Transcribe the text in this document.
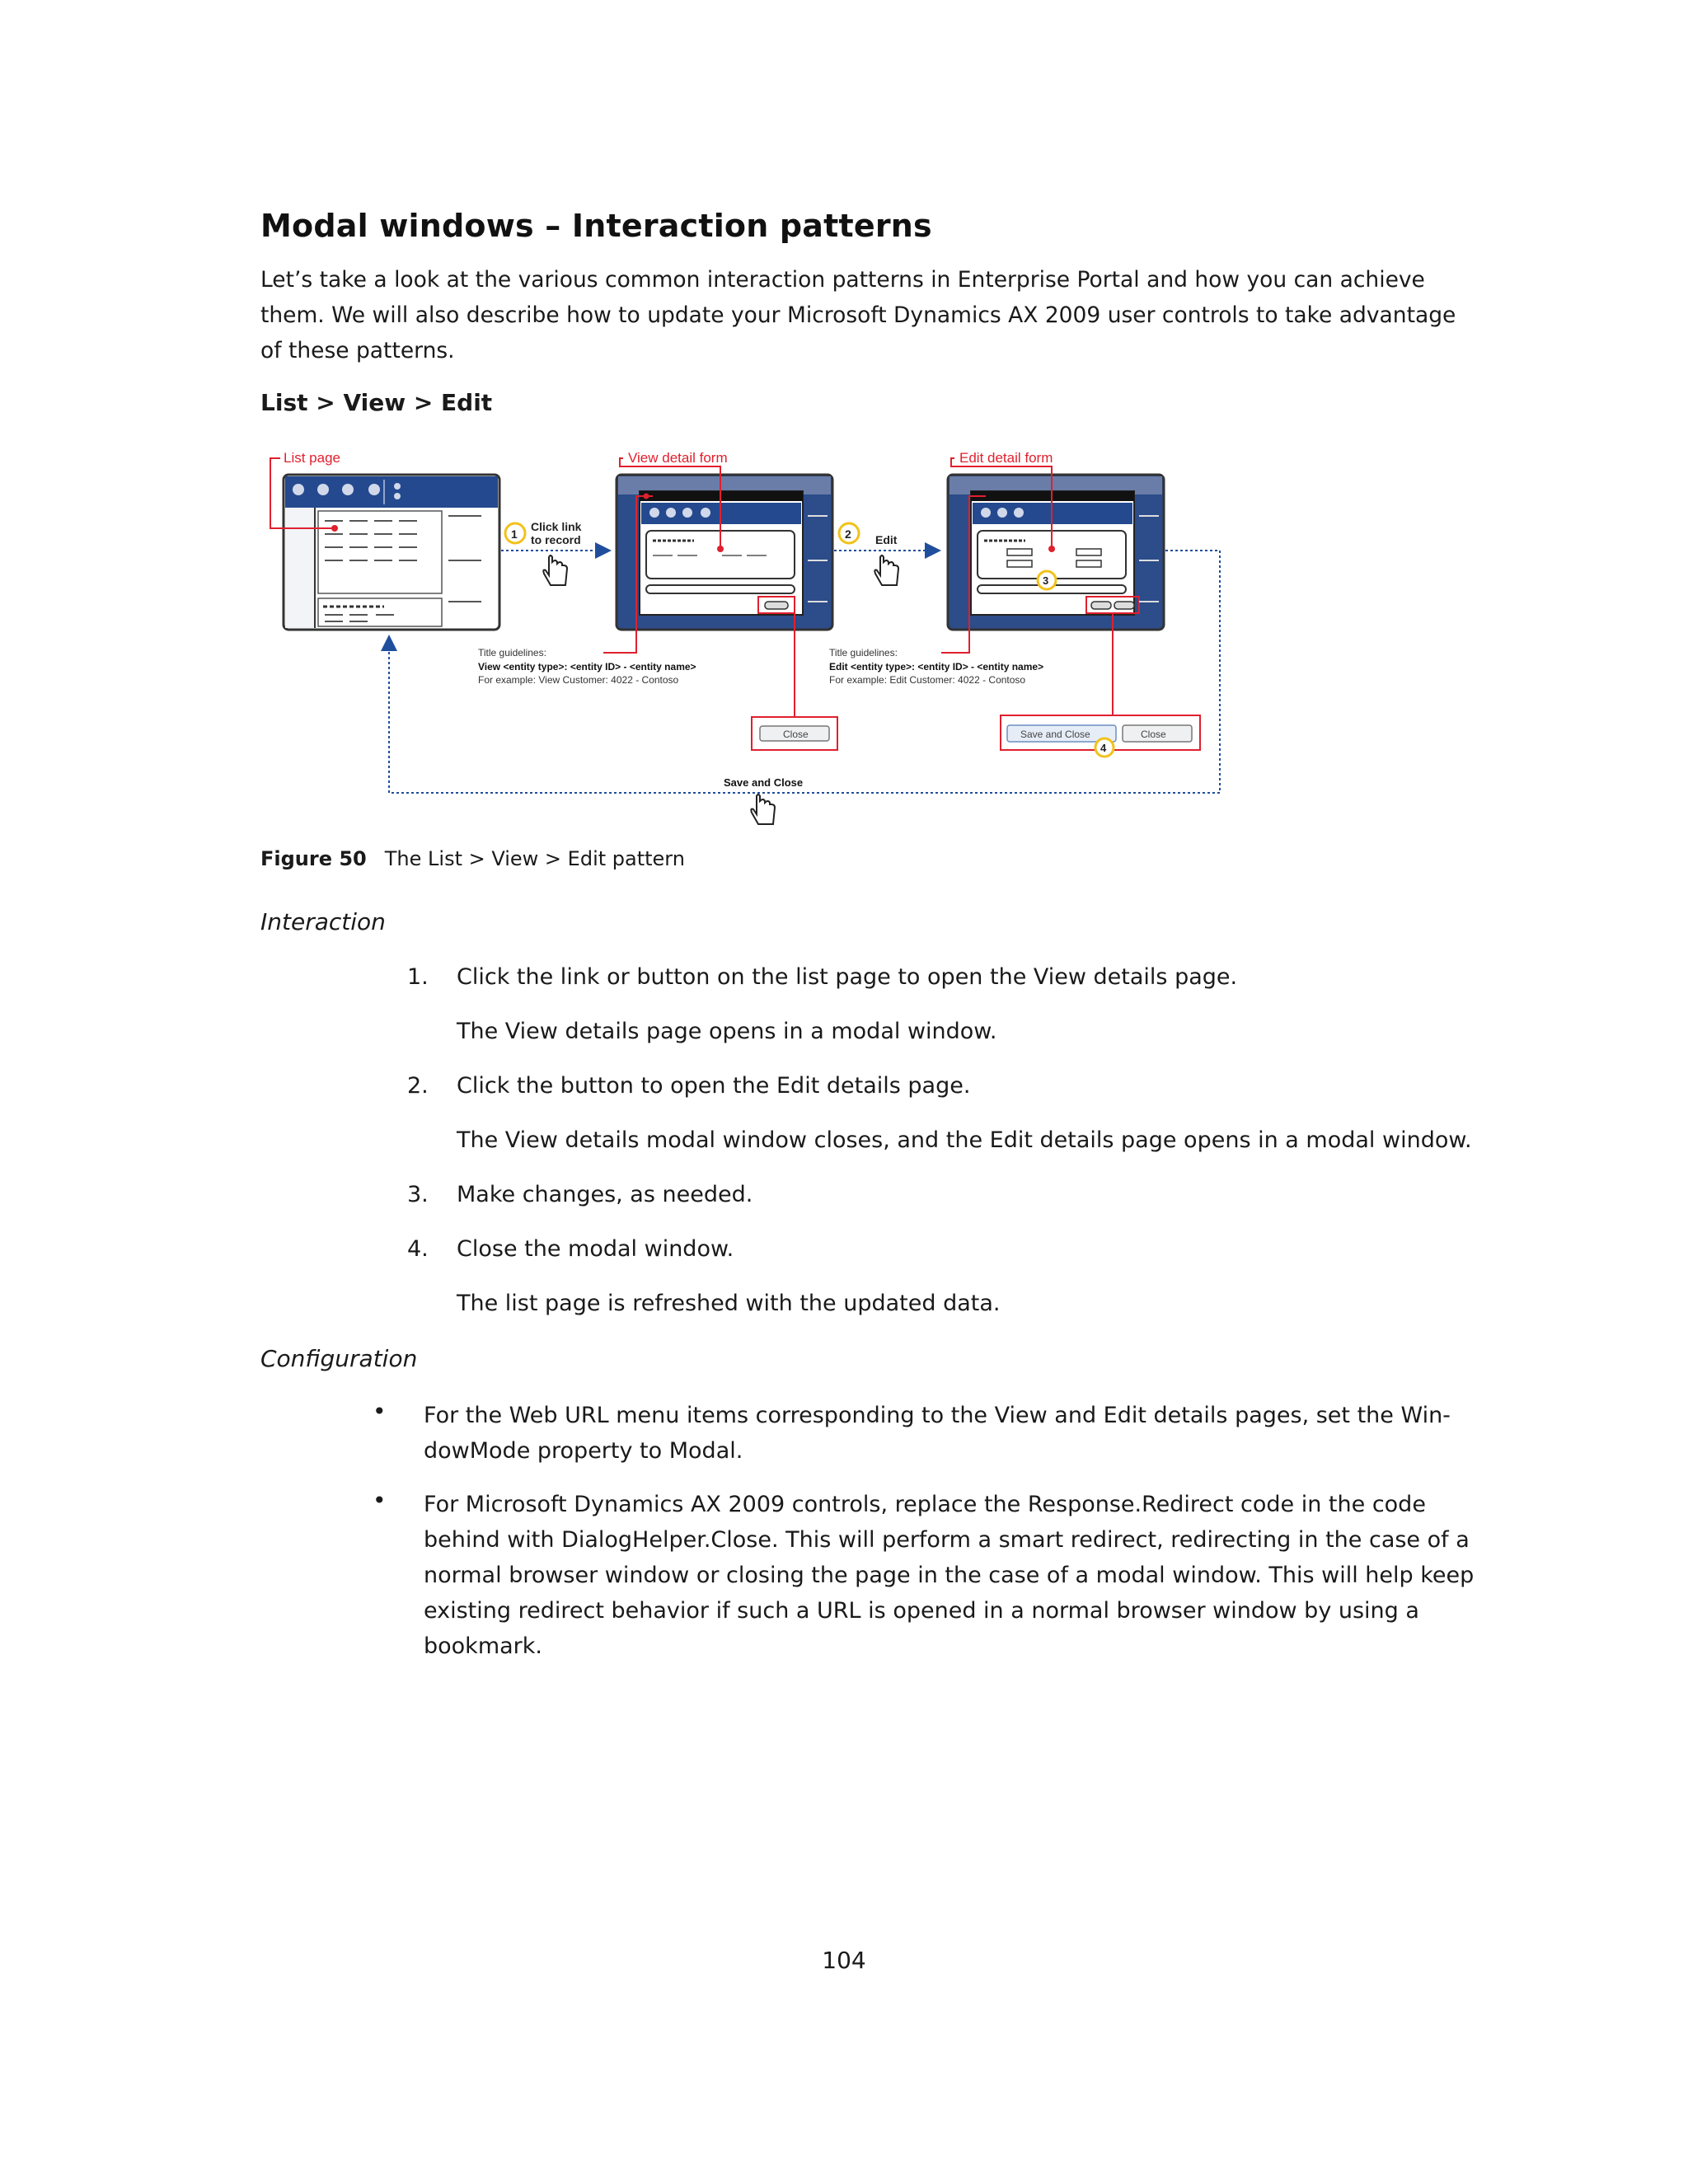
Modal windows – Interaction patterns
Let’s take a look at the various common interaction patterns in Enterprise Portal and how you can achieve them. We will also describe how to update your Microsoft Dynamics AX 2009 user controls to take advantage of these patterns.
List > View > Edit
List page
1
Click link
to record
View detail form
2 Edit
Edit detail form
3
Title guidelines:
View <entity type>: <entity ID> - <entity name>
For example: View Customer: 4022 - Contoso
Title guidelines:
Edit <entity type>: <entity ID> - <entity name>
For example: Edit Customer: 4022 - Contoso
Close	Save and Close	Close
4
Save and Close
Figure 50 The List > View > Edit pattern
Interaction
1. Click the link or button on the list page to open the View details page.
The View details page opens in a modal window.
2. Click the button to open the Edit details page.
The View details modal window closes, and the Edit details page opens in a modal window.
3. Make changes, as needed.
4. Close the modal window.
The list page is refreshed with the updated data.
Configuration
• For the Web URL menu items corresponding to the View and Edit details pages, set the Win-dowMode property to Modal.
• For Microsoft Dynamics AX 2009 controls, replace the Response.Redirect code in the code behind with DialogHelper.Close. This will perform a smart redirect, redirecting in the case of a normal browser window or closing the page in the case of a modal window. This will help keep existing redirect behavior if such a URL is opened in a normal browser window by using a bookmark.
104
